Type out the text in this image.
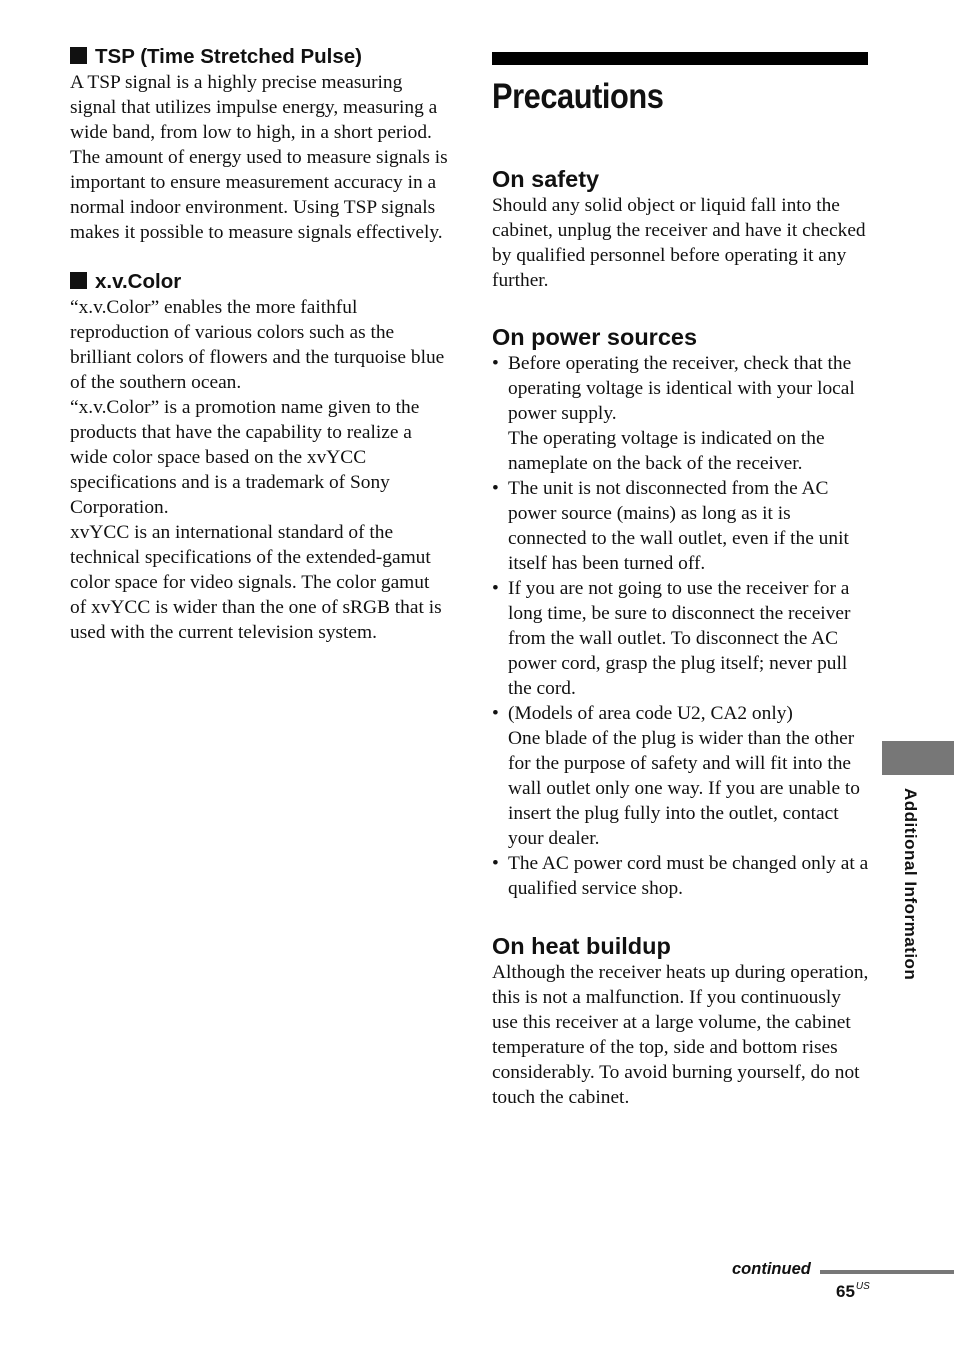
TSP (Time Stretched Pulse)

A TSP signal is a highly precise measuring signal that utilizes impulse energy, measuring a wide band, from low to high, in a short period.

The amount of energy used to measure signals is important to ensure measurement accuracy in a normal indoor environment. Using TSP signals makes it possible to measure signals effectively.

x.v.Color

“x.v.Color” enables the more faithful reproduction of various colors such as the brilliant colors of flowers and the turquoise blue of the southern ocean.

“x.v.Color” is a promotion name given to the products that have the capability to realize a wide color space based on the xvYCC specifications and is a trademark of Sony Corporation.

xvYCC is an international standard of the technical specifications of the extended-gamut color space for video signals. The color gamut of xvYCC is wider than the one of sRGB that is used with the current television system.

Precautions
On safety

Should any solid object or liquid fall into the cabinet, unplug the receiver and have it checked by qualified personnel before operating it any further.

On power sources
• Before operating the receiver, check that the operating voltage is identical with your local power supply.
The operating voltage is indicated on the nameplate on the back of the receiver.
• The unit is not disconnected from the AC power source (mains) as long as it is connected to the wall outlet, even if the unit itself has been turned off.
• If you are not going to use the receiver for a long time, be sure to disconnect the receiver from the wall outlet. To disconnect the AC power cord, grasp the plug itself; never pull the cord.
• (Models of area code U2, CA2 only)
One blade of the plug is wider than the other for the purpose of safety and will fit into the wall outlet only one way. If you are unable to insert the plug fully into the outlet, contact your dealer.
• The AC power cord must be changed only at a qualified service shop.
On heat buildup

Although the receiver heats up during operation, this is not a malfunction. If you continuously use this receiver at a large volume, the cabinet temperature of the top, side and bottom rises considerably. To avoid burning yourself, do not touch the cabinet.

Additional Information
continued
$65^{US}$
